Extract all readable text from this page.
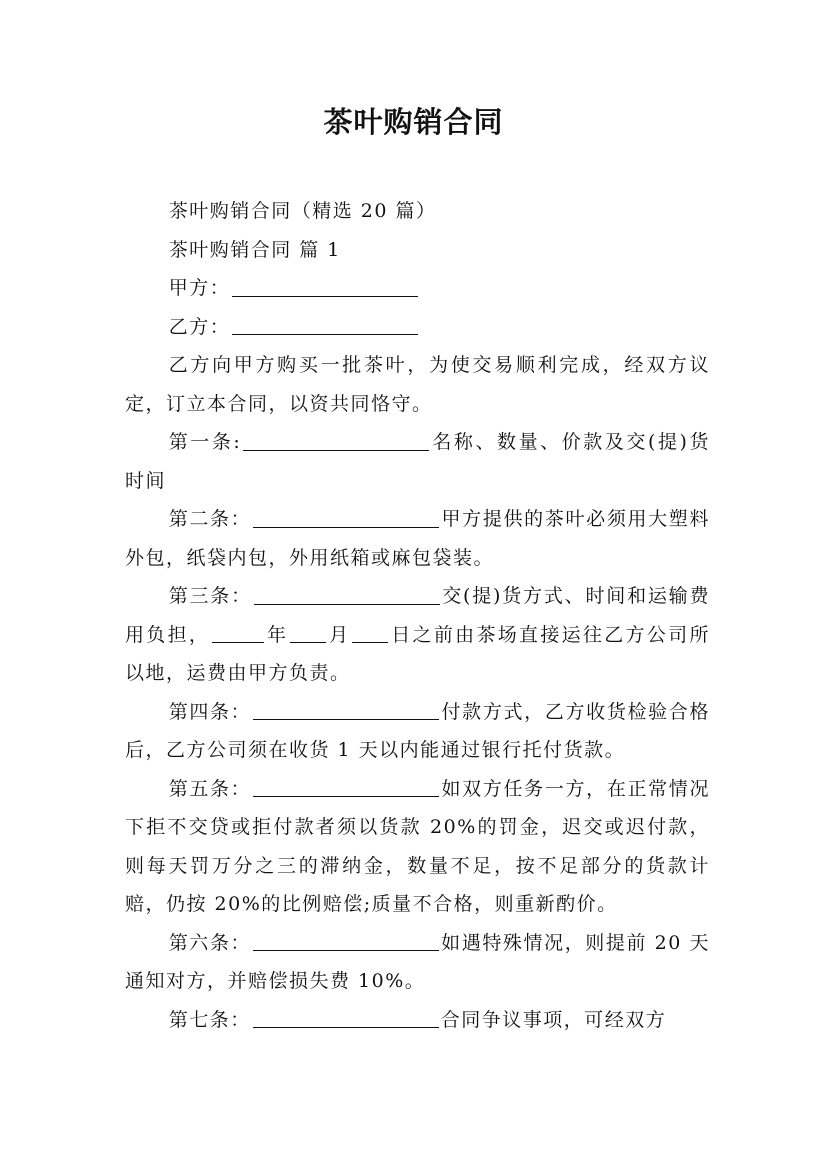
茶叶购销合同

茶叶购销合同（精选 20 篇）

茶叶购销合同 篇 1

甲方：

乙方：

乙方向甲方购买一批茶叶，为使交易顺利完成，经双方议定，订立本合同，以资共同恪守。

第一条:	名称、数量、价款及交(提)货时间

第二条：	甲方提供的茶叶必须用大塑料外包，纸袋内包，外用纸箱或麻包袋装。

第三条：	交(提)货方式、时间和运输费用负担，	年 月 日之前由茶场直接运往乙方公司所以地，运费由甲方负责。

第四条：	付款方式，乙方收货检验合格后，乙方公司须在收货 1 天以内能通过银行托付货款。

第五条：	如双方任务一方，在正常情况下拒不交贷或拒付款者须以货款 20%的罚金，迟交或迟付款，则每天罚万分之三的滞纳金，数量不足，按不足部分的货款计赔，仍按 20%的比例赔偿;质量不合格，则重新酌价。

第六条：	如遇特殊情况，则提前 20 天通知对方，并赔偿损失费 10%。

第七条：	合同争议事项，可经双方
